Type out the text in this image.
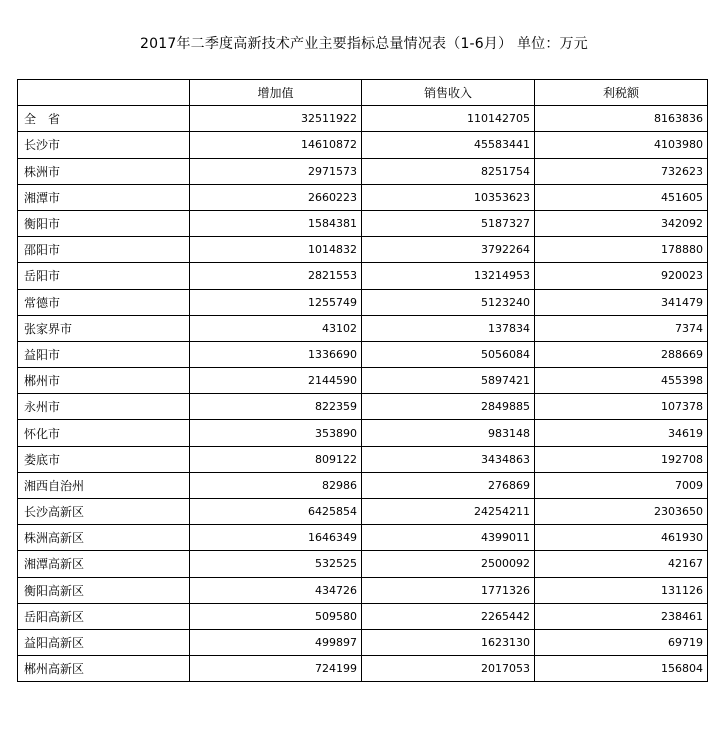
2017年二季度高新技术产业主要指标总量情况表（1-6月） 单位：万元
	增加值	销售收入	利税额
全　省	32511922	110142705	8163836
长沙市	14610872	45583441	4103980
株洲市	2971573	8251754	732623
湘潭市	2660223	10353623	451605
衡阳市	1584381	5187327	342092
邵阳市	1014832	3792264	178880
岳阳市	2821553	13214953	920023
常德市	1255749	5123240	341479
张家界市	43102	137834	7374
益阳市	1336690	5056084	288669
郴州市	2144590	5897421	455398
永州市	822359	2849885	107378
怀化市	353890	983148	34619
娄底市	809122	3434863	192708
湘西自治州	82986	276869	7009
长沙高新区	6425854	24254211	2303650
株洲高新区	1646349	4399011	461930
湘潭高新区	532525	2500092	42167
衡阳高新区	434726	1771326	131126
岳阳高新区	509580	2265442	238461
益阳高新区	499897	1623130	69719
郴州高新区	724199	2017053	156804
